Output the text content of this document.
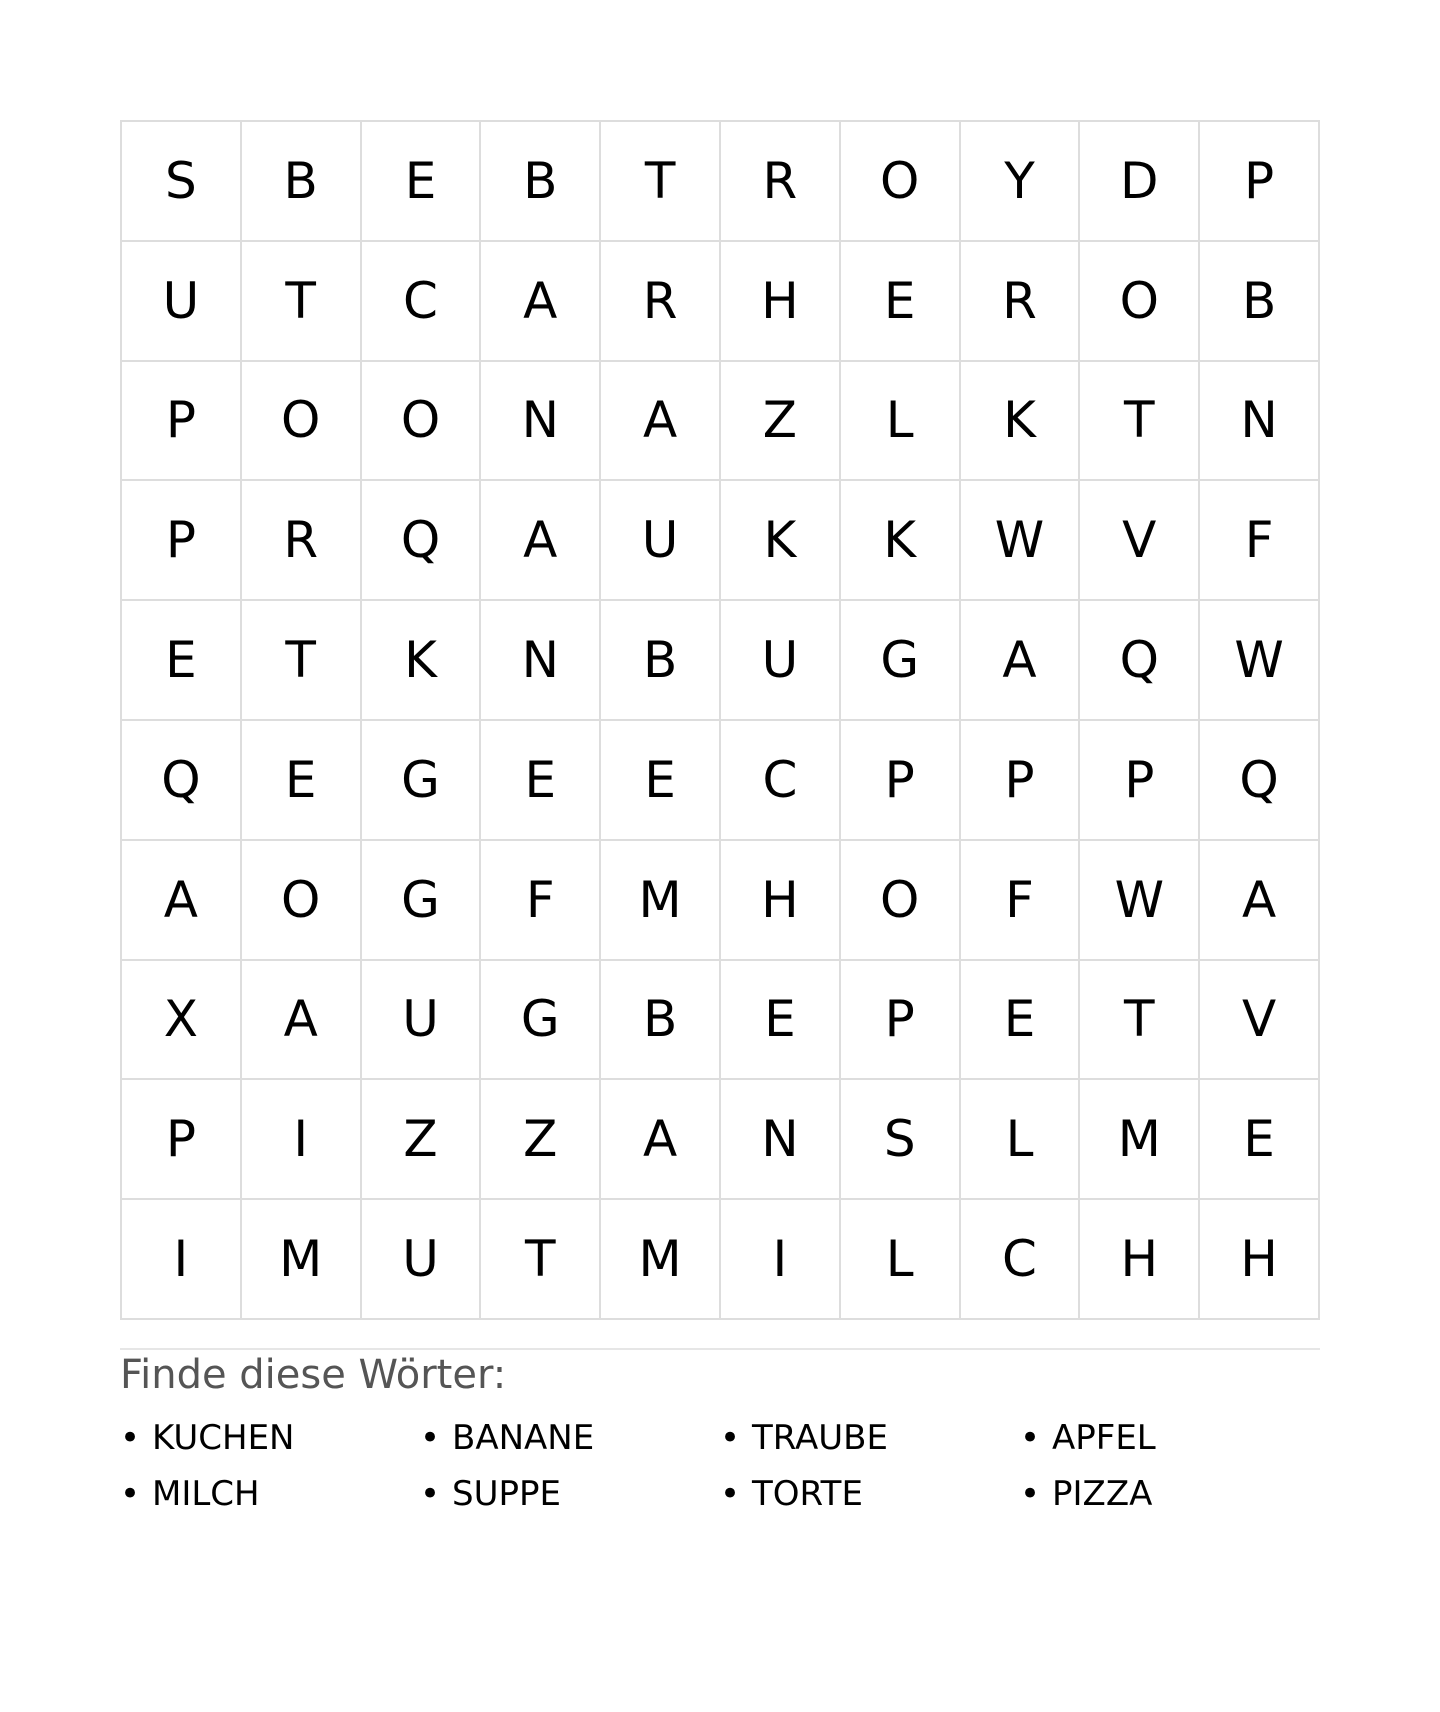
S	B	E	B	T	R	O	Y	D	P
U	T	C	A	R	H	E	R	O	B
P	O	O	N	A	Z	L	K	T	N
P	R	Q	A	U	K	K	W	V	F
E	T	K	N	B	U	G	A	Q	W
Q	E	G	E	E	C	P	P	P	Q
A	O	G	F	M	H	O	F	W	A
X	A	U	G	B	E	P	E	T	V
P	I	Z	Z	A	N	S	L	M	E
I	M	U	T	M	I	L	C	H	H
Finde diese Wörter:
• KUCHEN	• BANANE	• TRAUBE	• APFEL
• MILCH	• SUPPE	• TORTE	• PIZZA
